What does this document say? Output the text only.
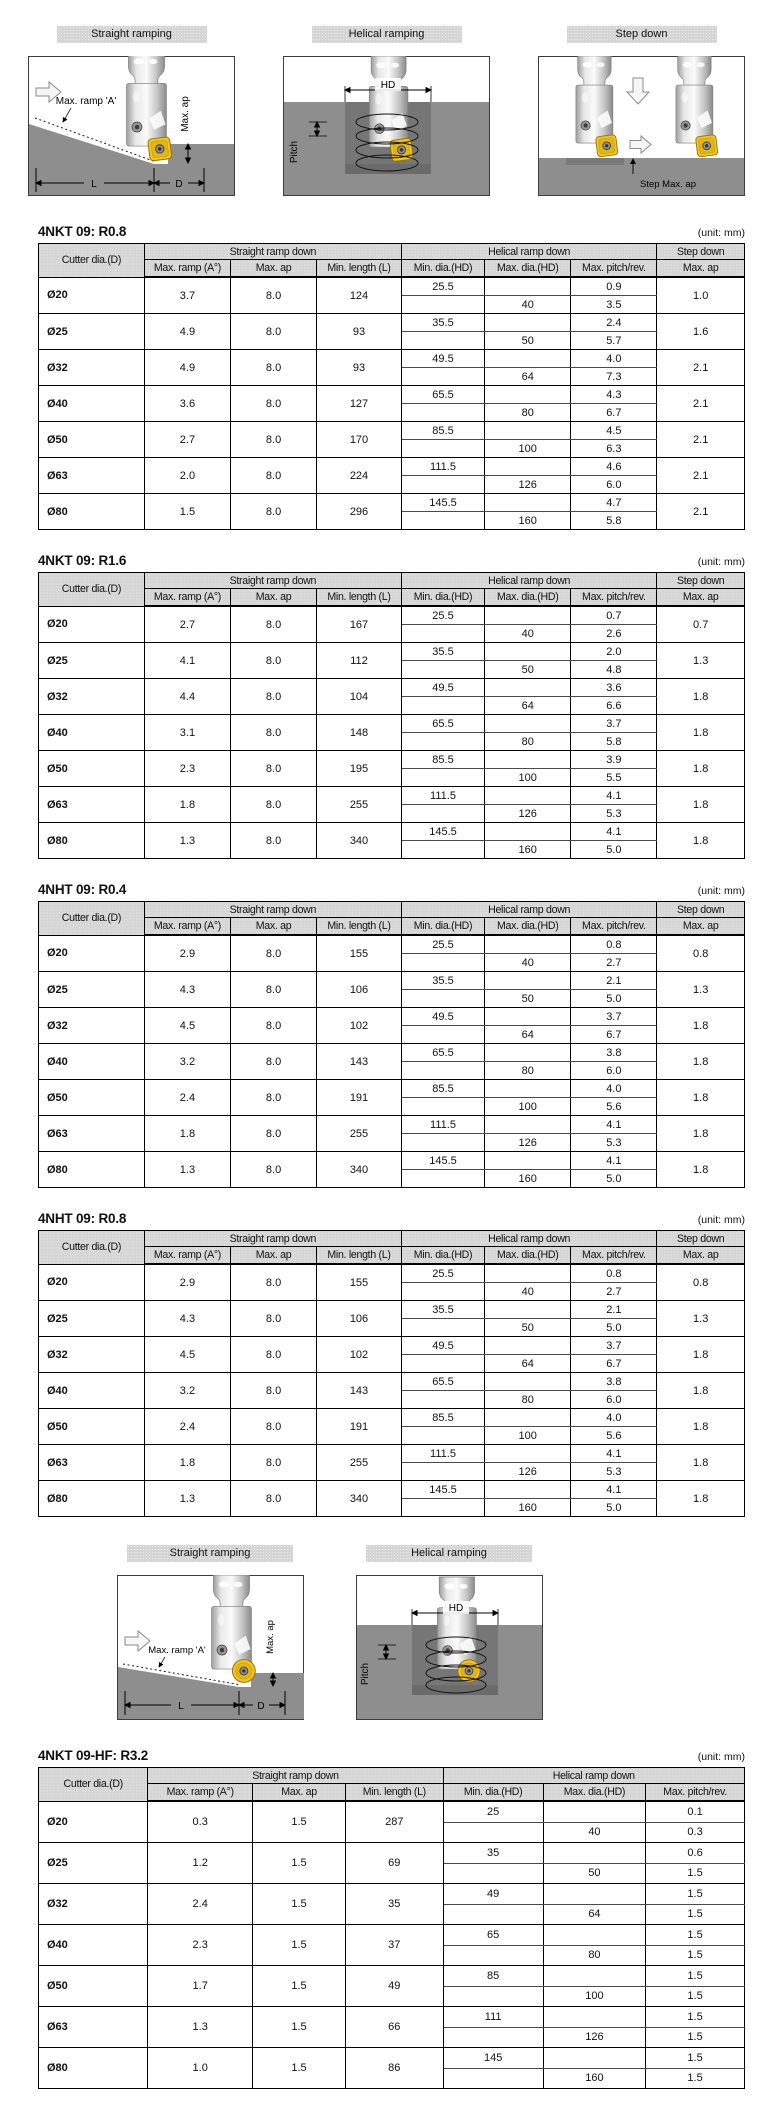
Straight ramping
Max. ramp 'A'	Max. ap
L	D
Helical ramping
HD
Pitch
Step down
Step Max. ap
4NKT 09: R0.8	(unit: mm)
Cutter dia.(D)	Straight ramp down			Helical ramp down			Step down
	Max. ramp (A°)	Max. ap	Min. length (L)	Min. dia.(HD)	Max. dia.(HD)	Max. pitch/rev.	Max. ap
Ø20	3.7	8.0	124	25.5		0.9	1.0
					40	3.5	
Ø25	4.9	8.0	93	35.5		2.4	1.6
					50	5.7	
Ø32	4.9	8.0	93	49.5		4.0	2.1
					64	7.3	
Ø40	3.6	8.0	127	65.5		4.3	2.1
					80	6.7	
Ø50	2.7	8.0	170	85.5		4.5	2.1
					100	6.3	
Ø63	2.0	8.0	224	111.5		4.6	2.1
					126	6.0	
Ø80	1.5	8.0	296	145.5		4.7	2.1
					160	5.8	
4NKT 09: R1.6	(unit: mm)
Cutter dia.(D)	Straight ramp down			Helical ramp down			Step down
	Max. ramp (A°)	Max. ap	Min. length (L)	Min. dia.(HD)	Max. dia.(HD)	Max. pitch/rev.	Max. ap
Ø20	2.7	8.0	167	25.5		0.7	0.7
					40	2.6	
Ø25	4.1	8.0	112	35.5		2.0	1.3
					50	4.8	
Ø32	4.4	8.0	104	49.5		3.6	1.8
					64	6.6	
Ø40	3.1	8.0	148	65.5		3.7	1.8
					80	5.8	
Ø50	2.3	8.0	195	85.5		3.9	1.8
					100	5.5	
Ø63	1.8	8.0	255	111.5		4.1	1.8
					126	5.3	
Ø80	1.3	8.0	340	145.5		4.1	1.8
					160	5.0	
4NHT 09: R0.4	(unit: mm)
Cutter dia.(D)	Straight ramp down			Helical ramp down			Step down
	Max. ramp (A°)	Max. ap	Min. length (L)	Min. dia.(HD)	Max. dia.(HD)	Max. pitch/rev.	Max. ap
Ø20	2.9	8.0	155	25.5		0.8	0.8
					40	2.7	
Ø25	4.3	8.0	106	35.5		2.1	1.3
					50	5.0	
Ø32	4.5	8.0	102	49.5		3.7	1.8
					64	6.7	
Ø40	3.2	8.0	143	65.5		3.8	1.8
					80	6.0	
Ø50	2.4	8.0	191	85.5		4.0	1.8
					100	5.6	
Ø63	1.8	8.0	255	111.5		4.1	1.8
					126	5.3	
Ø80	1.3	8.0	340	145.5		4.1	1.8
					160	5.0	
4NHT 09: R0.8	(unit: mm)
Cutter dia.(D)	Straight ramp down			Helical ramp down			Step down
	Max. ramp (A°)	Max. ap	Min. length (L)	Min. dia.(HD)	Max. dia.(HD)	Max. pitch/rev.	Max. ap
Ø20	2.9	8.0	155	25.5		0.8	0.8
					40	2.7	
Ø25	4.3	8.0	106	35.5		2.1	1.3
					50	5.0	
Ø32	4.5	8.0	102	49.5		3.7	1.8
					64	6.7	
Ø40	3.2	8.0	143	65.5		3.8	1.8
					80	6.0	
Ø50	2.4	8.0	191	85.5		4.0	1.8
					100	5.6	
Ø63	1.8	8.0	255	111.5		4.1	1.8
					126	5.3	
Ø80	1.3	8.0	340	145.5		4.1	1.8
					160	5.0	
Straight ramping
Max. ramp 'A'	Max. ap
L	D
Helical ramping
HD
Pitch
4NKT 09-HF: R3.2	(unit: mm)
Cutter dia.(D)	Straight ramp down			Helical ramp down		
	Max. ramp (A°)	Max. ap	Min. length (L)	Min. dia.(HD)	Max. dia.(HD)	Max. pitch/rev.
Ø20	0.3	1.5	287	25		0.1
					40	0.3
Ø25	1.2	1.5	69	35		0.6
					50	1.5
Ø32	2.4	1.5	35	49		1.5
					64	1.5
Ø40	2.3	1.5	37	65		1.5
					80	1.5
Ø50	1.7	1.5	49	85		1.5
					100	1.5
Ø63	1.3	1.5	66	111		1.5
					126	1.5
Ø80	1.0	1.5	86	145		1.5
					160	1.5
